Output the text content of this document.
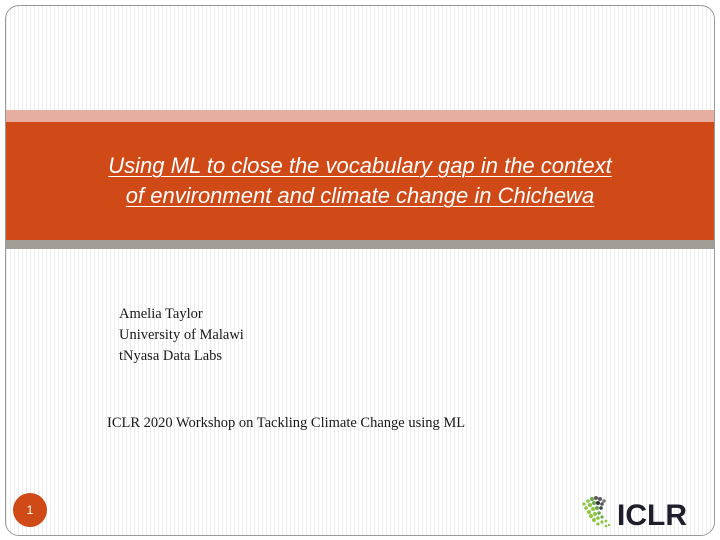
Using ML to close the vocabulary gap in the context
of environment and climate change in Chichewa
Amelia Taylor
University of Malawi
tNyasa Data Labs
ICLR 2020 Workshop on Tackling Climate Change using ML
1	ICLR
